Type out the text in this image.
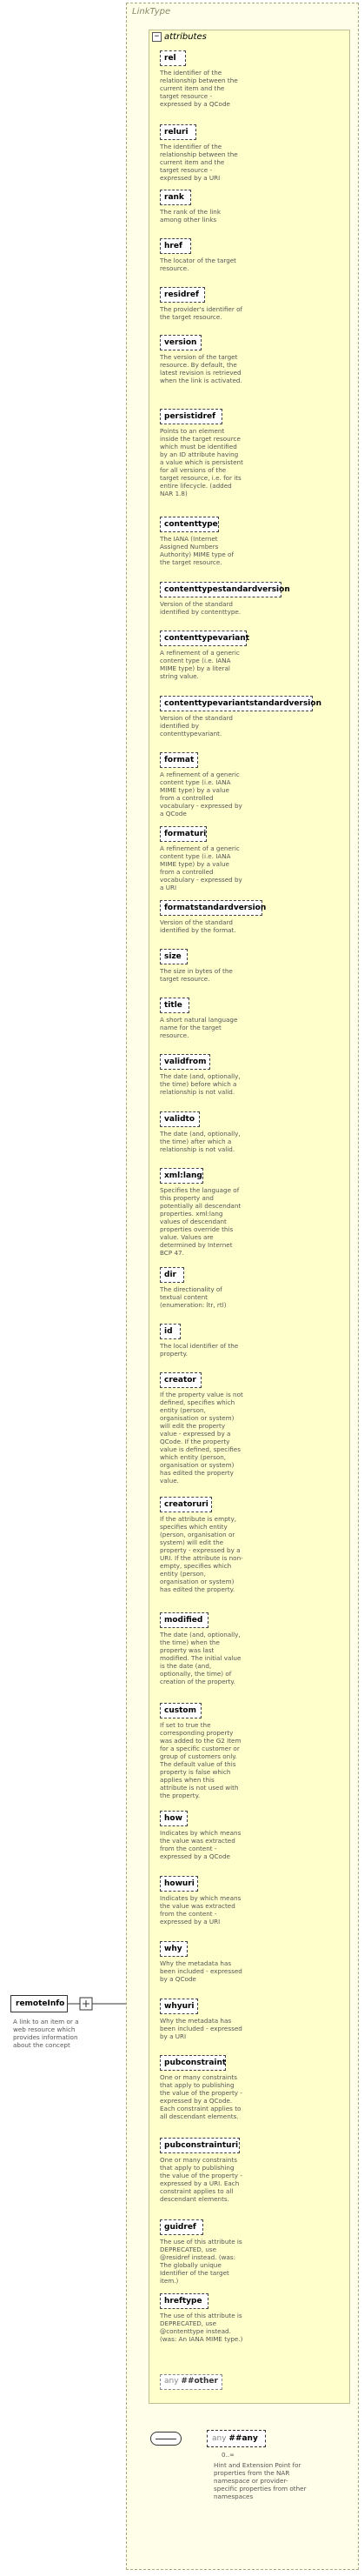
LinkType
− attributes
rel
The identifier of the relationship between the current item and the target resource - expressed by a QCode
reluri
The identifier of the relationship between the current item and the target resource - expressed by a URI
rank
The rank of the link among other links
href
The locator of the target resource.
residref
The provider's identifier of the target resource.
version
The version of the target resource. By default, the latest revision is retrieved when the link is activated.
persistidref
Points to an element inside the target resource which must be identified by an ID attribute having a value which is persistent for all versions of the target resource, i.e. for its entire lifecycle. (added NAR 1.8)
contenttype
The IANA (Internet Assigned Numbers Authority) MIME type of the target resource.
contenttypestandardversion
Version of the standard identified by contenttype.
contenttypevariant
A refinement of a generic content type (i.e. IANA MIME type) by a literal string value.
contenttypevariantstandardversion
Version of the standard identified by contenttypevariant.
format
A refinement of a generic content type (i.e. IANA MIME type) by a value from a controlled vocabulary - expressed by a QCode
formaturi
A refinement of a generic content type (i.e. IANA MIME type) by a value from a controlled vocabulary - expressed by a URI
formatstandardversion
Version of the standard identified by the format.
size
The size in bytes of the target resource.
title
A short natural language name for the target resource.
validfrom
The date (and, optionally, the time) before which a relationship is not valid.
validto
The date (and, optionally, the time) after which a relationship is not valid.
xml:lang
Specifies the language of this property and potentially all descendant properties. xml:lang values of descendant properties override this value. Values are determined by Internet BCP 47.
dir
The directionality of textual content (enumeration: ltr, rtl)
id
The local identifier of the property.
creator
If the property value is not defined, specifies which entity (person, organisation or system) will edit the property value - expressed by a QCode. If the property value is defined, specifies which entity (person, organisation or system) has edited the property value.
creatoruri
If the attribute is empty, specifies which entity (person, organisation or system) will edit the property - expressed by a URI. If the attribute is non-empty, specifies which entity (person, organisation or system) has edited the property.
modified
The date (and, optionally, the time) when the property was last modified. The initial value is the date (and, optionally, the time) of creation of the property.
custom
If set to true the corresponding property was added to the G2 Item for a specific customer or group of customers only. The default value of this property is false which applies when this attribute is not used with the property.
how
Indicates by which means the value was extracted from the content - expressed by a QCode
howuri
Indicates by which means the value was extracted from the content - expressed by a URI
why
Why the metadata has been included - expressed by a QCode
whyuri
Why the metadata has been included - expressed by a URI
pubconstraint
One or many constraints that apply to publishing the value of the property - expressed by a QCode. Each constraint applies to all descendant elements.
pubconstrainturi
One or many constraints that apply to publishing the value of the property - expressed by a URI. Each constraint applies to all descendant elements.
guidref
The use of this attribute is DEPRECATED, use @residref instead. (was: The globally unique Identifier of the target item.)
hreftype
The use of this attribute is DEPRECATED, use @contenttype instead. (was: An IANA MIME type.)
any ##other
remoteInfo
A link to an item or a web resource which provides information about the concept
any ##any
0..∞
Hint and Extension Point for properties from the NAR namespace or provider-specific properties from other namespaces
